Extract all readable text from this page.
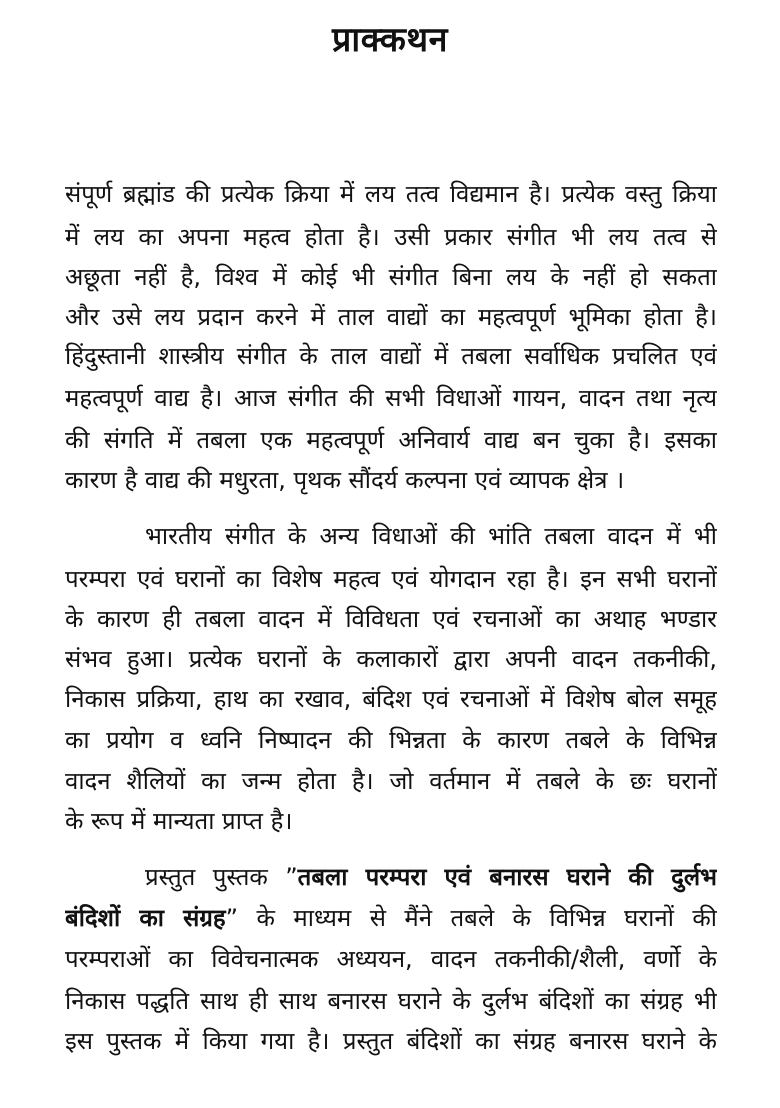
प्राक्कथन
संपूर्ण ब्रह्मांड की प्रत्येक क्रिया में लय तत्व विद्यमान है। प्रत्येक वस्तु क्रिया
में लय का अपना महत्व होता है। उसी प्रकार संगीत भी लय तत्व से
अछूता नहीं है, विश्व में कोई भी संगीत बिना लय के नहीं हो सकता
और उसे लय प्रदान करने में ताल वाद्यों का महत्वपूर्ण भूमिका होता है।
हिंदुस्तानी शास्त्रीय संगीत के ताल वाद्यों में तबला सर्वाधिक प्रचलित एवं
महत्वपूर्ण वाद्य है। आज संगीत की सभी विधाओं गायन, वादन तथा नृत्य
की संगति में तबला एक महत्वपूर्ण अनिवार्य वाद्य बन चुका है। इसका
कारण है वाद्य की मधुरता, पृथक सौंदर्य कल्पना एवं व्यापक क्षेत्र ।
भारतीय संगीत के अन्य विधाओं की भांति तबला वादन में भी
परम्परा एवं घरानों का विशेष महत्व एवं योगदान रहा है। इन सभी घरानों
के कारण ही तबला वादन में विविधता एवं रचनाओं का अथाह भण्डार
संभव हुआ। प्रत्येक घरानों के कलाकारों द्वारा अपनी वादन तकनीकी,
निकास प्रक्रिया, हाथ का रखाव, बंदिश एवं रचनाओं में विशेष बोल समूह
का प्रयोग व ध्वनि निष्पादन की भिन्नता के कारण तबले के विभिन्न
वादन शैलियों का जन्म होता है। जो वर्तमान में तबले के छः घरानों
के रूप में मान्यता प्राप्त है।
प्रस्तुत पुस्तक ”तबला परम्परा एवं बनारस घराने की दुर्लभ
बंदिशों का संग्रह” के माध्यम से मैंने तबले के विभिन्न घरानों की
परम्पराओं का विवेचनात्मक अध्ययन, वादन तकनीकी/शैली, वर्णो के
निकास पद्धति साथ ही साथ बनारस घराने के दुर्लभ बंदिशों का संग्रह भी
इस पुस्तक में किया गया है। प्रस्तुत बंदिशों का संग्रह बनारस घराने के
